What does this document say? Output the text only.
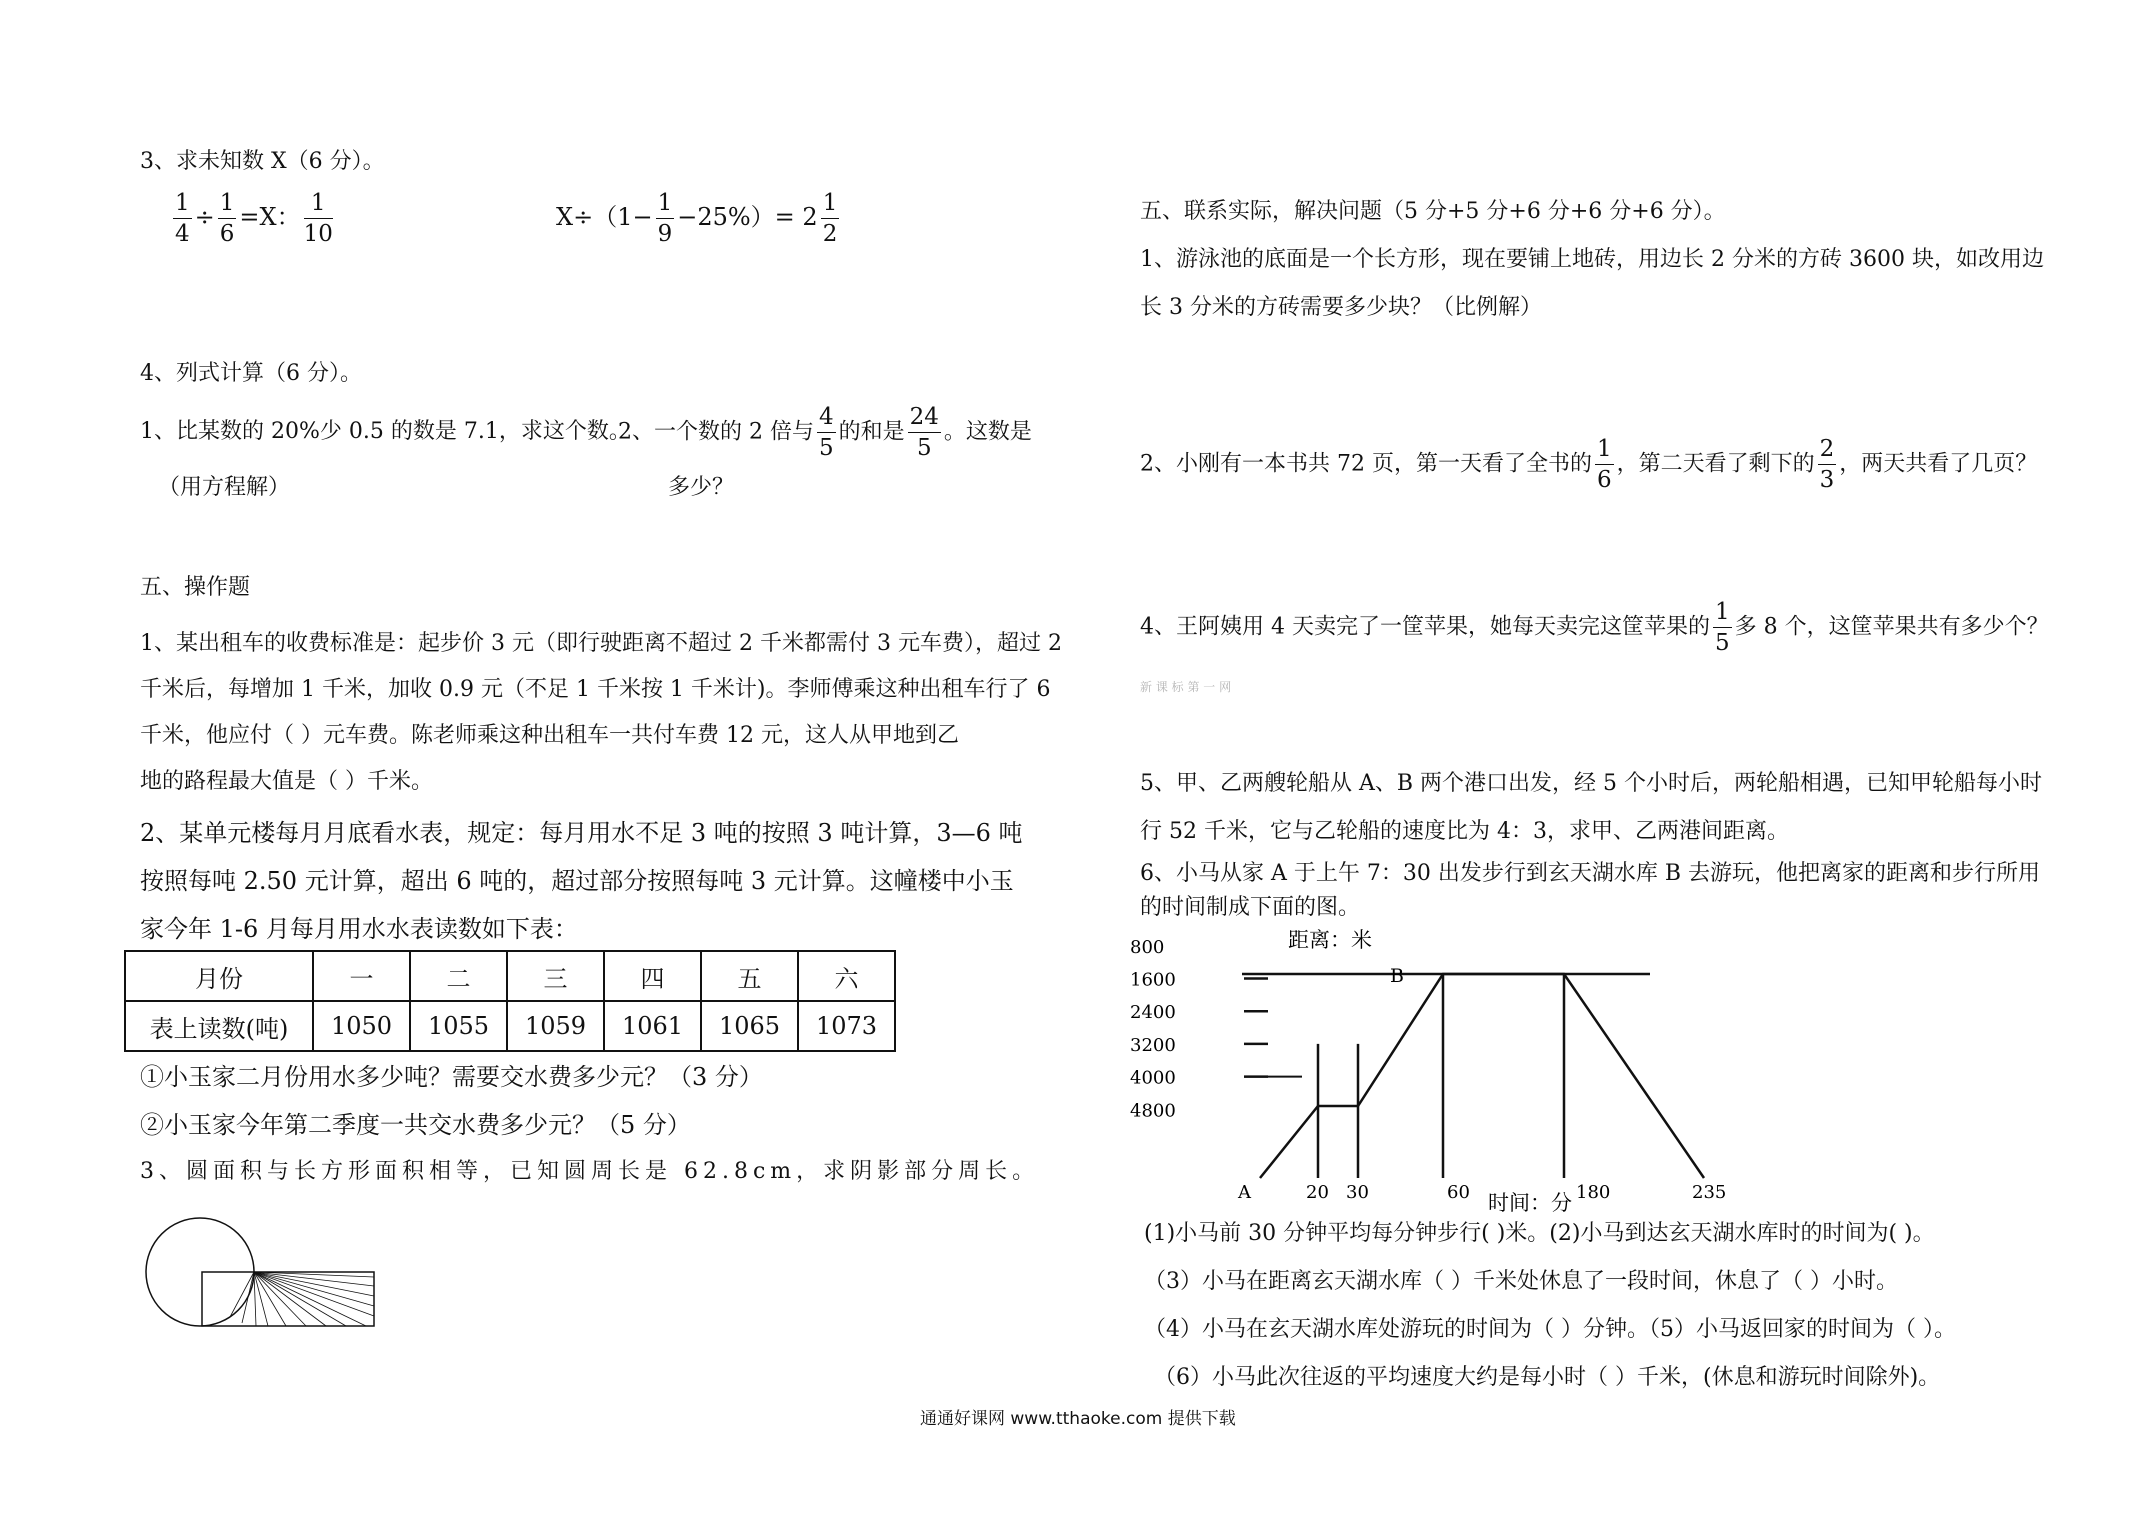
3、求未知数 X（6 分）。
$\frac{1}{4} \div \frac{1}{6} =X$： $\frac{1}{10}$	$X\div(1- \frac{1}{9} -25\%)= 2 \frac{1}{2}$
4、列式计算（6 分）。
1、比某数的 20%少 0.5 的数是 7.1，求这个数。
（用方程解）
2、一个数的 2 倍与 $\frac{4}{5}$ 的和是 $\frac{24}{5}$ 。这数是
多少？
五、操作题
1、某出租车的收费标准是：起步价 3 元（即行驶距离不超过 2 千米都需付 3 元车费），超过 2
千米后，每增加 1 千米，加收 0.9 元（不足 1 千米按 1 千米计)。李师傅乘这种出租车行了 6
千米，他应付（ ）元车费。陈老师乘这种出租车一共付车费 12 元，这人从甲地到乙
地的路程最大值是（ ）千米。
2、某单元楼每月月底看水表，规定：每月用水不足 3 吨的按照 3 吨计算，3—6 吨
按照每吨 2.50 元计算，超出 6 吨的，超过部分按照每吨 3 元计算。这幢楼中小玉
家今年 1-6 月每月用水水表读数如下表：
月份	一	二	三	四	五	六
表上读数(吨)	1050	1055	1059	1061	1065	1073
①小玉家二月份用水多少吨？需要交水费多少元？（3 分）
②小玉家今年第二季度一共交水费多少元？（5 分）
3、圆面积与长方形面积相等，已知圆周长是 62.8cm，求阴影部分周长。
五、联系实际，解决问题（5 分+5 分+6 分+6 分+6 分）。
1、游泳池的底面是一个长方形，现在要铺上地砖，用边长 2 分米的方砖 3600 块，如改用边
长 3 分米的方砖需要多少块？（比例解）
2、小刚有一本书共 72 页，第一天看了全书的 $\frac{1}{6}$ ，第二天看了剩下的 $\frac{2}{3}$ ，两天共看了几页？
4、王阿姨用 4 天卖完了一筐苹果，她每天卖完这筐苹果的 $\frac{1}{5}$ 多 8 个，这筐苹果共有多少个？
新 课 标 第 一 网
5、甲、乙两艘轮船从 A、B 两个港口出发，经 5 个小时后，两轮船相遇，已知甲轮船每小时
行 52 千米，它与乙轮船的速度比为 4：3，求甲、乙两港间距离。
6、小马从家 A 于上午 7：30 出发步行到玄天湖水库 B 去游玩，他把离家的距离和步行所用
的时间制成下面的图。
距离：米
时间：分
B
4800
4000
3200
2400
1600
800
A	20 30	60	180	235
(1)小马前 30 分钟平均每分钟步行( )米。(2)小马到达玄天湖水库时的时间为( )。
（3）小马在距离玄天湖水库（ ）千米处休息了一段时间，休息了（ ）小时。
（4）小马在玄天湖水库处游玩的时间为（ ）分钟。（5）小马返回家的时间为（ ）。
（6）小马此次往返的平均速度大约是每小时（ ）千米，(休息和游玩时间除外)。
通通好课网 www.tthaoke.com 提供下载
